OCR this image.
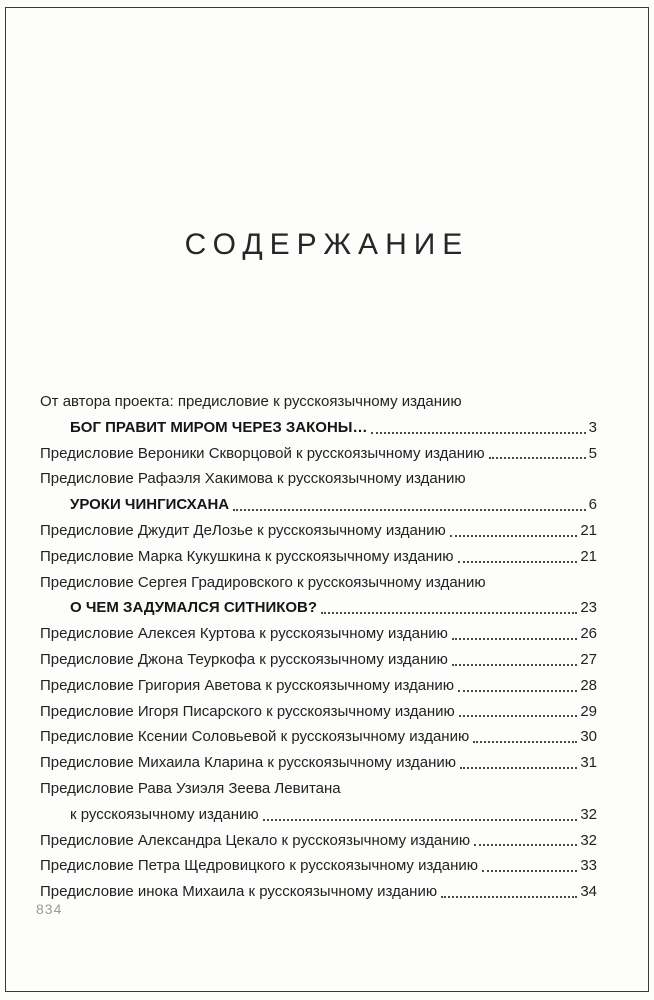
СОДЕРЖАНИЕ
От автора проекта: предисловие к русскоязычному изданию
БОГ ПРАВИТ МИРОМ ЧЕРЕЗ ЗАКОНЫ…	3
Предисловие Вероники Скворцовой к русскоязычному изданию	5
Предисловие Рафаэля Хакимова к русскоязычному изданию
УРОКИ ЧИНГИСХАНА	6
Предисловие Джудит ДеЛозье к русскоязычному изданию	21
Предисловие Марка Кукушкина к русскоязычному изданию	21
Предисловие Сергея Градировского к русскоязычному изданию
О ЧЕМ ЗАДУМАЛСЯ СИТНИКОВ?	23
Предисловие Алексея Куртова к русскоязычному изданию	26
Предисловие Джона Теуркофа к русскоязычному изданию	27
Предисловие Григория Аветова к русскоязычному изданию	28
Предисловие Игоря Писарского к русскоязычному изданию	29
Предисловие Ксении Соловьевой к русскоязычному изданию	30
Предисловие Михаила Кларина к русскоязычному изданию	31
Предисловие Рава Узиэля Зеева Левитана
к русскоязычному изданию	32
Предисловие Александра Цекало к русскоязычному изданию	32
Предисловие Петра Щедровицкого к русскоязычному изданию	33
Предисловие инока Михаила к русскоязычному изданию	34
834
